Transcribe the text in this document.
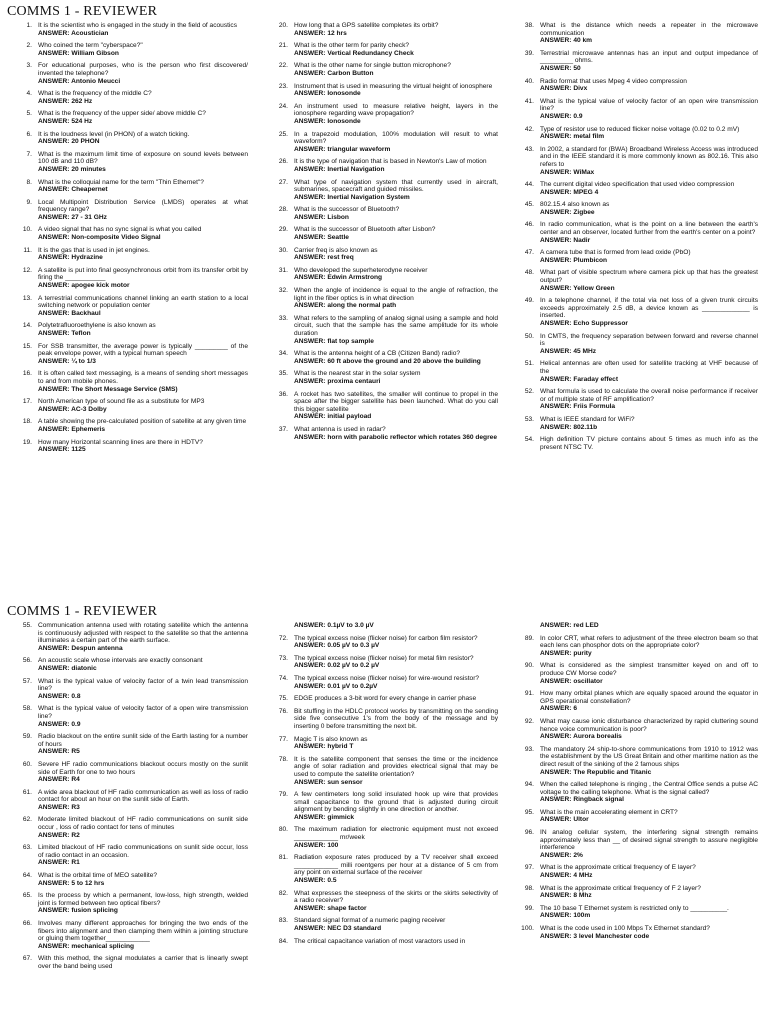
COMMS 1 - REVIEWER
1. It is the scientist who is engaged in the study in the field of acoustics
ANSWER: Acoustician
2. Who coined the term "cyberspace?"
ANSWER: William Gibson
3. For educational purposes, who is the person who first discovered/ invented the telephone?
ANSWER: Antonio Meucci
4. What is the frequency of the middle C?
ANSWER: 262 Hz
5. What is the frequency of the upper side/ above middle C?
ANSWER: 524 Hz
6. It is the loudness level (in PHON) of a watch ticking.
ANSWER: 20 PHON
7. What is the maximum limit time of exposure on sound levels between 100 dB and 110 dB?
ANSWER: 20 minutes
8. What is the colloquial name for the term "Thin Ethernet"?
ANSWER: Cheapernet
9. Local Multipoint Distribution Service (LMDS) operates at what frequency range?
ANSWER: 27 - 31 GHz
10. A video signal that has no sync signal is what you called
ANSWER: Non-composite Video Signal
11. It is the gas that is used in jet engines.
ANSWER: Hydrazine
12. A satellite is put into final geosynchronous orbit from its transfer orbit by firing the ___________
ANSWER: apogee kick motor
13. A terrestrial communications channel linking an earth station to a local switching network or population center
ANSWER: Backhaul
14. Polytetrafluoroethylene is also known as
ANSWER: Teflon
15. For SSB transmitter, the average power is typically _________ of the peak envelope power, with a typical human speech
ANSWER: ¼ to 1/3
16. It is often called text messaging, is a means of sending short messages to and from mobile phones.
ANSWER: The Short Message Service (SMS)
17. North American type of sound file as a substitute for MP3
ANSWER: AC-3 Dolby
18. A table showing the pre-calculated position of satellite at any given time
ANSWER: Ephemeris
19. How many Horizontal scanning lines are there in HDTV?
ANSWER: 1125
20. How long that a GPS satellite completes its orbit?
ANSWER: 12 hrs
21. What is the other term for parity check?
ANSWER: Vertical Redundancy Check
22. What is the other name for single button microphone?
ANSWER: Carbon Button
23. Instrument that is used in measuring the virtual height of ionosphere
ANSWER: Ionosonde
24. An instrument used to measure relative height, layers in the ionosphere regarding wave propagation?
ANSWER: Ionosonde
25. In a trapezoid modulation, 100% modulation will result to what waveform?
ANSWER: triangular waveform
26. It is the type of navigation that is based in Newton's Law of motion
ANSWER: Inertial Navigation
27. What type of navigation system that currently used in aircraft, submarines, spacecraft and guided missiles.
ANSWER: Inertial Navigation System
28. What is the successor of Bluetooth?
ANSWER: Lisbon
29. What is the successor of Bluetooth after Lisbon?
ANSWER: Seattle
30. Carrier freq is also known as
ANSWER: rest freq
31. Who developed the superheterodyne receiver
ANSWER: Edwin Armstrong
32. When the angle of incidence is equal to the angle of refraction, the light in the fiber optics is in what direction
ANSWER: along the normal path
33. What refers to the sampling of analog signal using a sample and hold circuit, such that the sample has the same amplitude for its whole duration
ANSWER: flat top sample
34. What is the antenna height of a CB (Citizen Band) radio?
ANSWER: 60 ft above the ground and 20 above the building
35. What is the nearest star in the solar system
ANSWER: proxima centauri
36. A rocket has two satellites, the smaller will continue to propel in the space after the bigger satellite has been launched. What do you call this bigger satellite
ANSWER: initial payload
37. What antenna is used in radar?
ANSWER: horn with parabolic reflector which rotates 360 degree
38. What is the distance which needs a repeater in the microwave communication
ANSWER: 40 km
39. Terrestrial microwave antennas has an input and output impedance of _________ ohms.
ANSWER: 50
40. Radio format that uses Mpeg 4 video compression
ANSWER: Divx
41. What is the typical value of velocity factor of an open wire transmission line?
ANSWER: 0.9
42. Type of resistor use to reduced flicker noise voltage (0.02 to 0.2 mV)
ANSWER: metal film
43. In 2002, a standard for (BWA) Broadband Wireless Access was introduced and in the IEEE standard it is more commonly known as 802.16. This also refers to
ANSWER: WiMax
44. The current digital video specification that used video compression
ANSWER: MPEG 4
45. 802.15.4 also known as
ANSWER: Zigbee
46. In radio communication, what is the point on a line between the earth's center and an observer, located further from the earth's center on a point?
ANSWER: Nadir
47. A camera tube that is formed from lead oxide (PbO)
ANSWER: Plumbicon
48. What part of visible spectrum where camera pick up that has the greatest output?
ANSWER: Yellow Green
49. In a telephone channel, if the total via net loss of a given trunk circuits exceeds approximately 2.5 dB, a device known as _____________ is inserted.
ANSWER: Echo Suppressor
50. In CMTS, the frequency separation between forward and reverse channel is
ANSWER: 45 MHz
51. Helical antennas are often used for satellite tracking at VHF because of the
ANSWER: Faraday effect
52. What formula is used to calculate the overall noise performance if receiver or of multiple state of RF amplification?
ANSWER: Friis Formula
53. What is IEEE standard for WiFi?
ANSWER: 802.11b
54. High definition TV picture contains about 5 times as much info as the present NTSC TV.
COMMS 1 - REVIEWER
55. Communication antenna used with rotating satellite which the antenna is continuously adjusted with respect to the satellite so that the antenna illuminates a certain part of the earth surface.
ANSWER: Despun antenna
56. An acoustic scale whose intervals are exactly consonant
ANSWER: diatonic
57. What is the typical value of velocity factor of a twin lead transmission line?
ANSWER: 0.8
58. What is the typical value of velocity factor of a open wire transmission line?
ANSWER: 0.9
59. Radio blackout on the entire sunlit side of the Earth lasting for a number of hours
ANSWER: R5
60. Severe HF radio communications blackout occurs mostly on the sunlit side of Earth for one to two hours
ANSWER: R4
61. A wide area blackout of HF radio communication as well as loss of radio contact for about an hour on the sunlit side of Earth.
ANSWER: R3
62. Moderate limited blackout of HF radio communications on sunlit side occur , loss of radio contact for tens of minutes
ANSWER: R2
63. Limited blackout of HF radio communications on sunlit side occur, loss of radio contact in an occasion.
ANSWER: R1
64. What is the orbital time of MEO satellite?
ANSWER: 5 to 12 hrs
65. Is the process by which a permanent, low-loss, high strength, welded joint is formed between two optical fibers?
ANSWER: fusion splicing
66. Involves many different approaches for bringing the two ends of the fibers into alignment and then clamping them within a jointing structure or gluing them together____________
ANSWER: mechanical splicing
67. With this method, the signal modulates a carrier that is linearly swept over the band being used
ANSWER: 0.1µV to 3.0 µV
72. The typical excess noise (flicker noise) for carbon film resistor?
ANSWER: 0.05 µV to 0.3 µV
73. The typical excess noise (flicker noise) for metal film resistor?
ANSWER: 0.02 µV to 0.2 µV
74. The typical excess noise (flicker noise) for wire-wound resistor?
ANSWER: 0.01 µV to 0.2µV
75. EDGE produces a 3-bit word for every change in carrier phase
76. Bit stuffing in the HDLC protocol works by transmitting on the sending side five consecutive 1's from the body of the message and by inserting 0 before transmitting the next bit.
77. Magic T is also known as
ANSWER: hybrid T
78. It is the satellite component that senses the time or the incidence angle of solar radiation and provides electrical signal that may be used to compute the satellite orientation?
ANSWER: sun sensor
79. A few centimeters long solid insulated hook up wire that provides small capacitance to the ground that is adjusted during circuit alignment by bending slightly in one direction or another.
ANSWER: gimmick
80. The maximum radiation for electronic equipment must not exceed ____________ mr/week
ANSWER: 100
81. Radiation exposure rates produced by a TV receiver shall exceed ____________ milli roentgens per hour at a distance of 5 cm from any point on external surface of the receiver
ANSWER: 0.5
82. What expresses the steepness of the skirts or the skirts selectivity of a radio receiver?
ANSWER: shape factor
83. Standard signal format of a numeric paging receiver
ANSWER: NEC D3 standard
84. The critical capacitance variation of most varactors used in
ANSWER: red LED
89. In color CRT, what refers to adjustment of the three electron beam so that each lens can phosphor dots on the appropriate color?
ANSWER: purity
90. What is considered as the simplest transmitter keyed on and off to produce CW Morse code?
ANSWER: oscillator
91. How many orbital planes which are equally spaced around the equator in GPS operational constellation?
ANSWER: 6
92. What may cause ionic disturbance characterized by rapid cluttering sound hence voice communication is poor?
ANSWER: Aurora borealis
93. The mandatory 24 ship-to-shore communications from 1910 to 1912 was the establishment by the US Great Britain and other maritime nation as the direct result of the sinking of the 2 famous ships
ANSWER: The Republic and Titanic
94. When the called telephone is ringing , the Central Office sends a pulse AC voltage to the calling telephone. What is the signal called?
ANSWER: Ringback signal
95. What is the main accelerating element in CRT?
ANSWER: Ultor
96. IN analog cellular system, the interfering signal strength remains approximately less than __ of desired signal strength to assure negligible interference
ANSWER: 2%
97. What is the approximate critical frequency of E layer?
ANSWER: 4 MHz
98. What is the approximate critical frequency of F 2 layer?
ANSWER: 8 Mhz
99. The 10 base T Ethernet system is restricted only to __________.
ANSWER: 100m
100. What is the code used in 100 Mbps Tx Ethernet standard?
ANSWER: 3 level Manchester code
